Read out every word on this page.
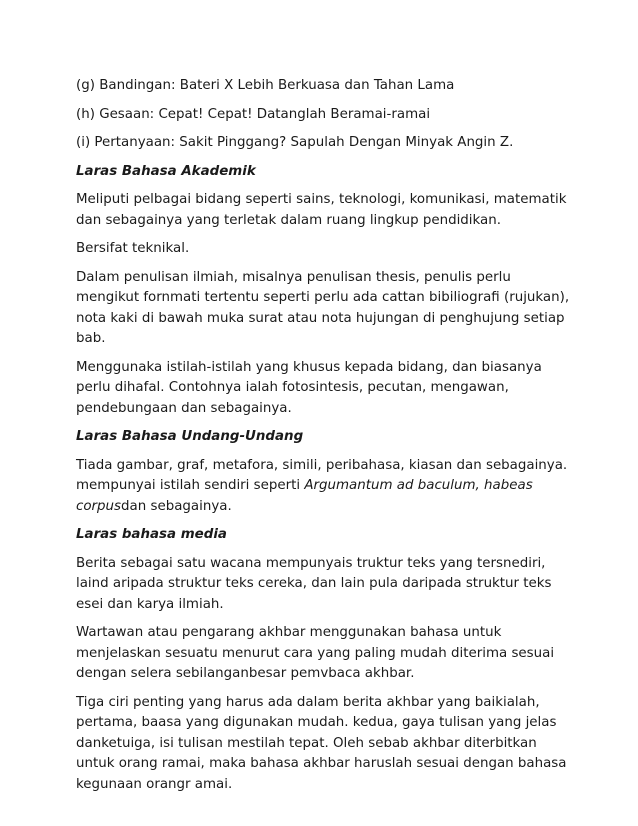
(g) Bandingan: Bateri X Lebih Berkuasa dan Tahan Lama

(h) Gesaan: Cepat! Cepat! Datanglah Beramai-ramai

(i) Pertanyaan: Sakit Pinggang? Sapulah Dengan Minyak Angin Z.

Laras Bahasa Akademik

Meliputi pelbagai bidang seperti sains, teknologi, komunikasi, matematik dan sebagainya yang terletak dalam ruang lingkup pendidikan.

Bersifat teknikal.

Dalam penulisan ilmiah, misalnya penulisan thesis, penulis perlu mengikut fornmati tertentu seperti perlu ada cattan bibiliografi (rujukan), nota kaki di bawah muka surat atau nota hujungan di penghujung setiap bab.

Menggunaka istilah-istilah yang khusus kepada bidang, dan biasanya perlu dihafal. Contohnya ialah fotosintesis, pecutan, mengawan, pendebungaan dan sebagainya.

Laras Bahasa Undang-Undang

Tiada gambar, graf, metafora, simili, peribahasa, kiasan dan sebagainya.
mempunyai istilah sendiri seperti Argumantum ad baculum, habeas
corpusdan sebagainya.

Laras bahasa media

Berita sebagai satu wacana mempunyais truktur teks yang tersnediri, laind aripada struktur teks cereka, dan lain pula daripada struktur teks esei dan karya ilmiah.

Wartawan atau pengarang akhbar menggunakan bahasa untuk menjelaskan sesuatu menurut cara yang paling mudah diterima sesuai dengan selera sebilanganbesar pemvbaca akhbar.

Tiga ciri penting yang harus ada dalam berita akhbar yang baikialah, pertama, baasa yang digunakan mudah. kedua, gaya tulisan yang jelas danketuiga, isi tulisan mestilah tepat. Oleh sebab akhbar diterbitkan untuk orang ramai, maka bahasa akhbar haruslah sesuai dengan bahasa kegunaan orangr amai.
